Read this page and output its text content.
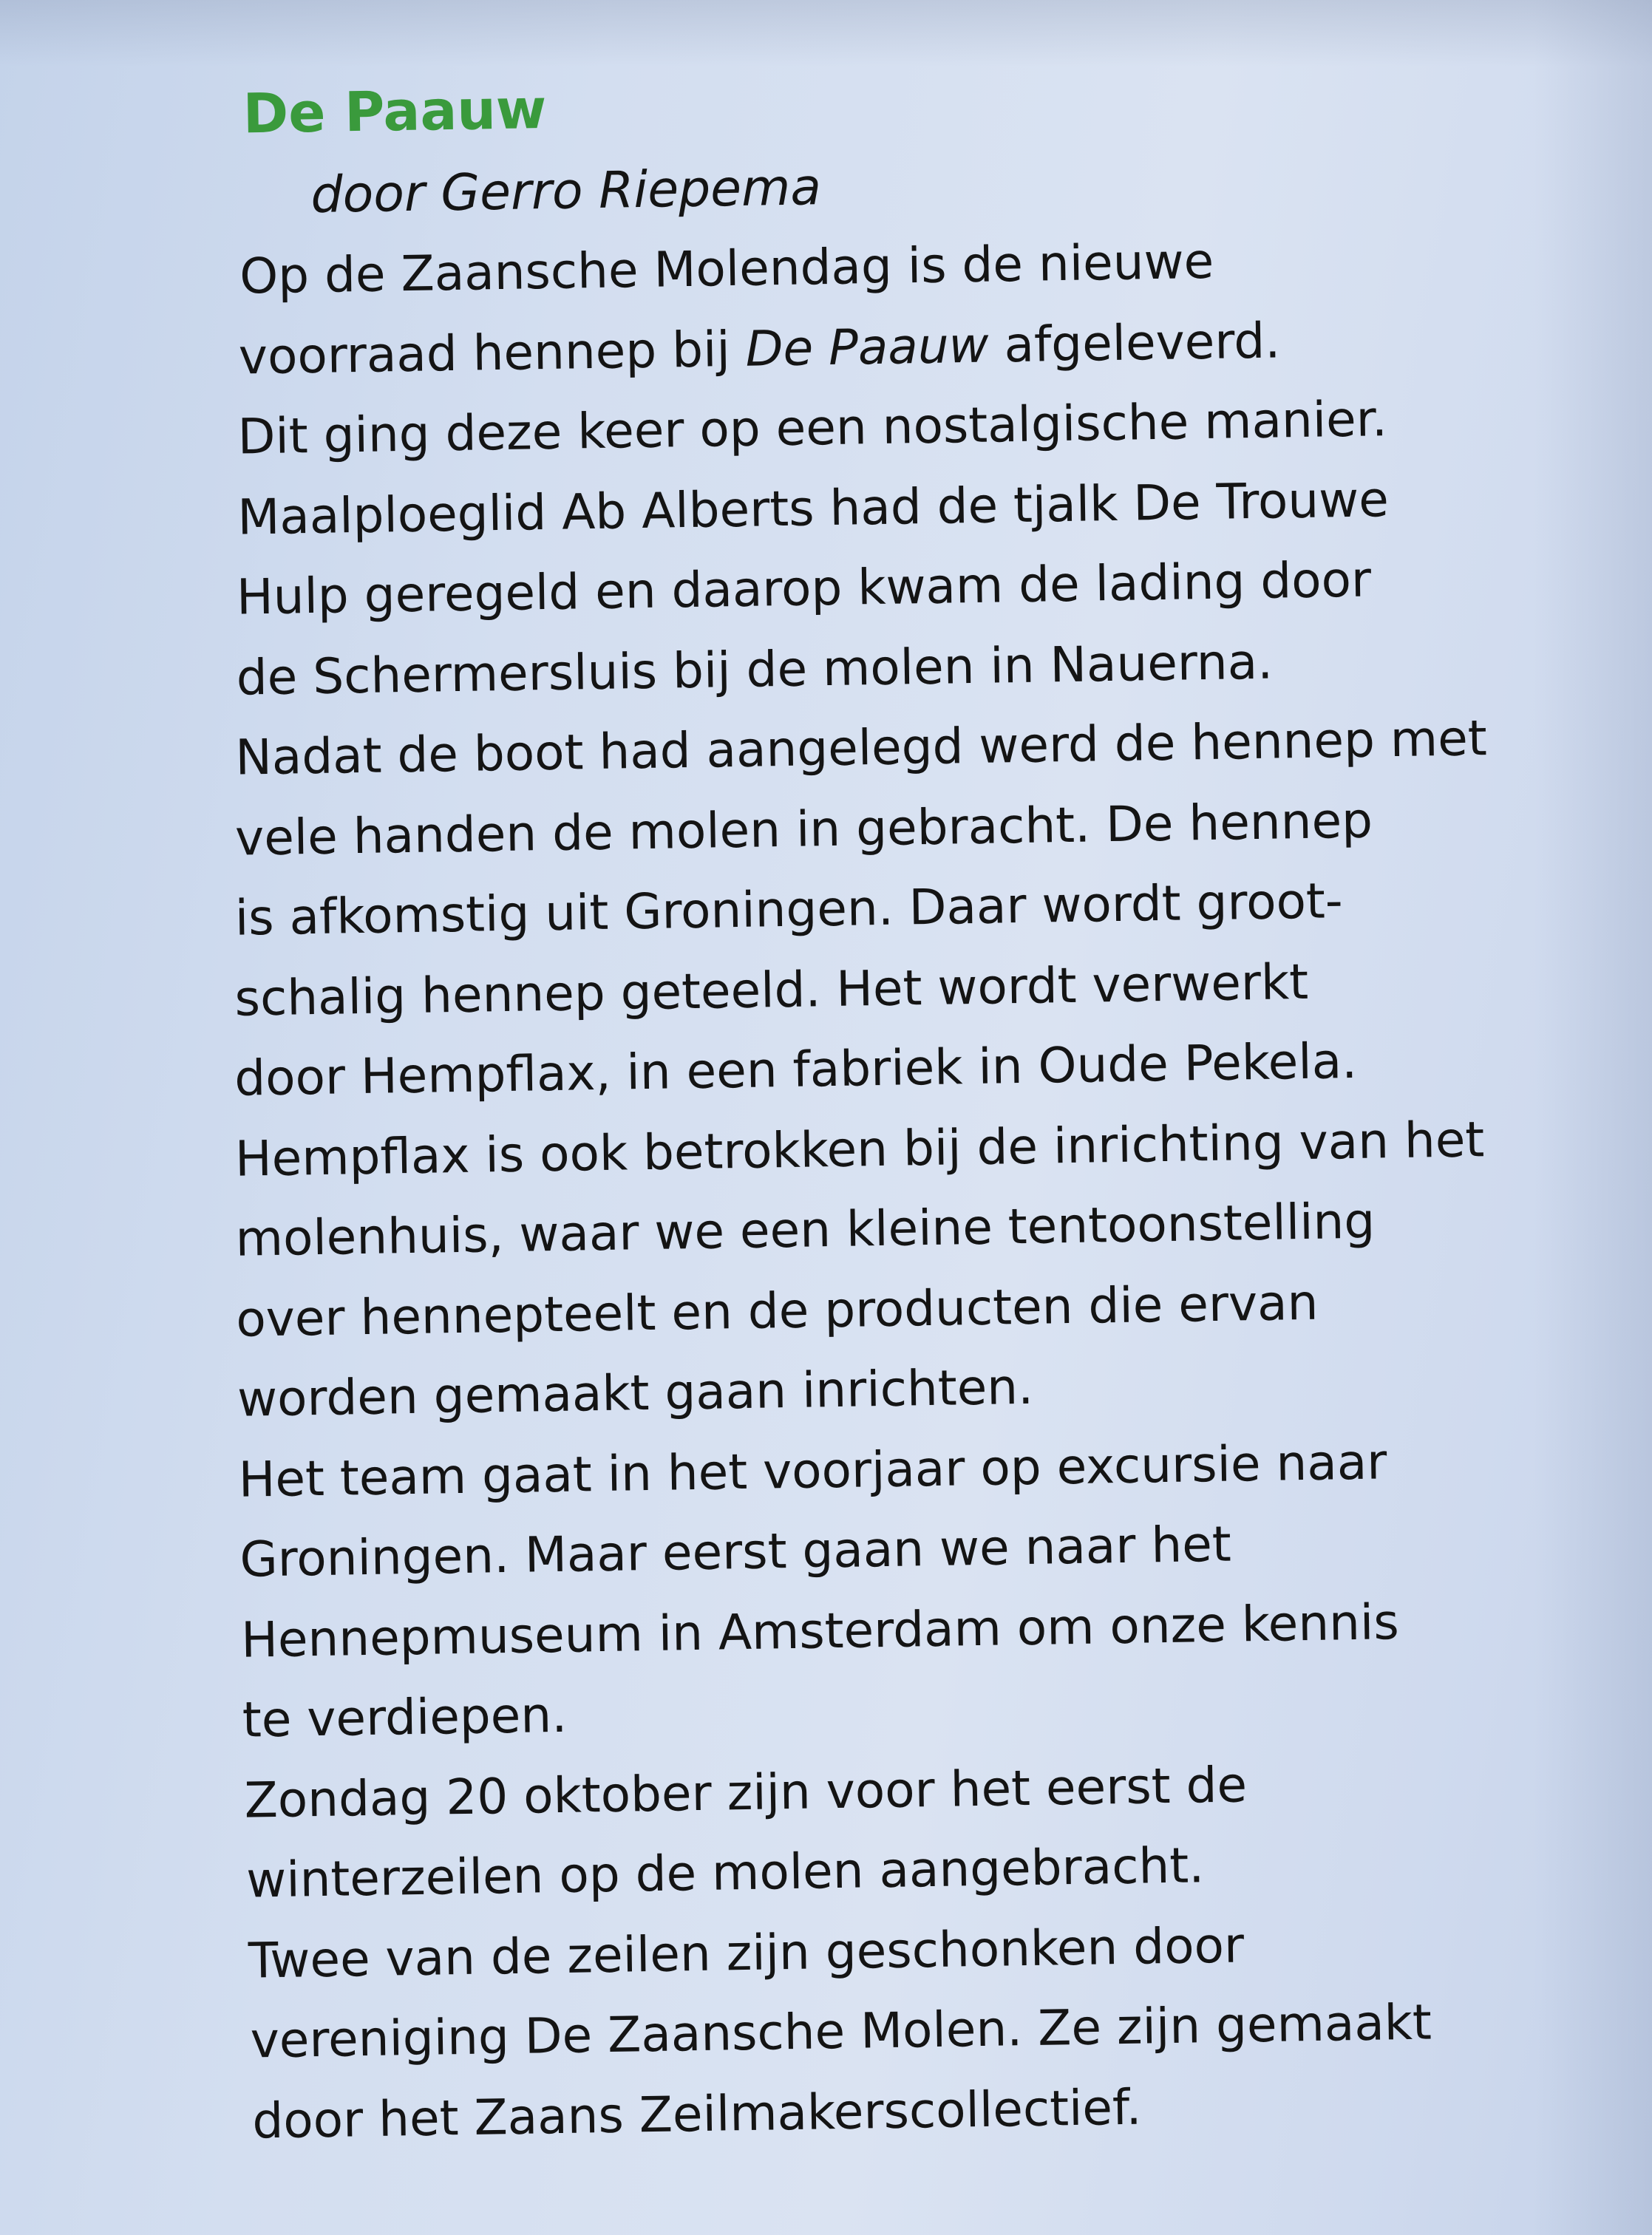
De Paauw
door Gerro Riepema
Op de Zaansche Molendag is de nieuwe
voorraad hennep bij De Paauw afgeleverd.
Dit ging deze keer op een nostalgische manier.
Maalploeglid Ab Alberts had de tjalk De Trouwe
Hulp geregeld en daarop kwam de lading door
de Schermersluis bij de molen in Nauerna.
Nadat de boot had aangelegd werd de hennep met
vele handen de molen in gebracht. De hennep
is afkomstig uit Groningen. Daar wordt groot-
schalig hennep geteeld. Het wordt verwerkt
door Hempflax, in een fabriek in Oude Pekela.
Hempflax is ook betrokken bij de inrichting van het
molenhuis, waar we een kleine tentoonstelling
over hennepteelt en de producten die ervan
worden gemaakt gaan inrichten.
Het team gaat in het voorjaar op excursie naar
Groningen. Maar eerst gaan we naar het
Hennepmuseum in Amsterdam om onze kennis
te verdiepen.
Zondag 20 oktober zijn voor het eerst de
winterzeilen op de molen aangebracht.
Twee van de zeilen zijn geschonken door
vereniging De Zaansche Molen. Ze zijn gemaakt
door het Zaans Zeilmakerscollectief.
